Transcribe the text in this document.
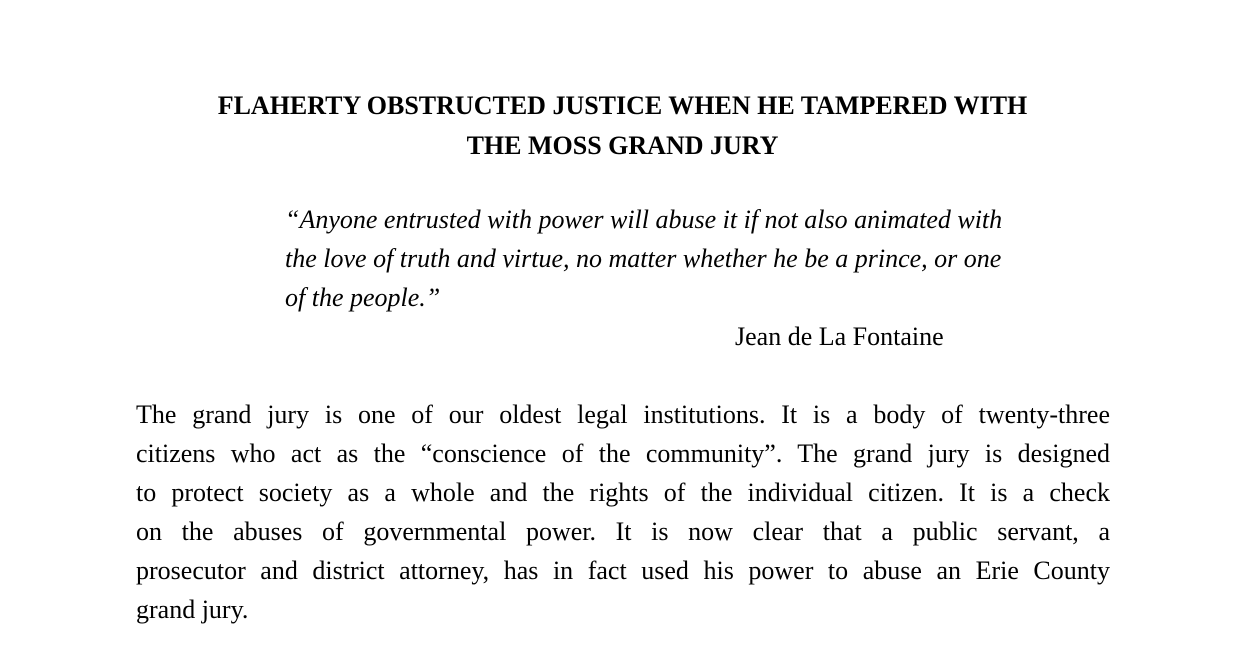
FLAHERTY OBSTRUCTED JUSTICE WHEN HE TAMPERED WITH
THE MOSS GRAND JURY
“Anyone entrusted with power will abuse it if not also animated with
the love of truth and virtue, no matter whether he be a prince, or one
of the people.”
Jean de La Fontaine
The grand jury is one of our oldest legal institutions. It is a body of twenty-three
citizens who act as the “conscience of the community”. The grand jury is designed
to protect society as a whole and the rights of the individual citizen. It is a check
on the abuses of governmental power. It is now clear that a public servant, a
prosecutor and district attorney, has in fact used his power to abuse an Erie County
grand jury.
